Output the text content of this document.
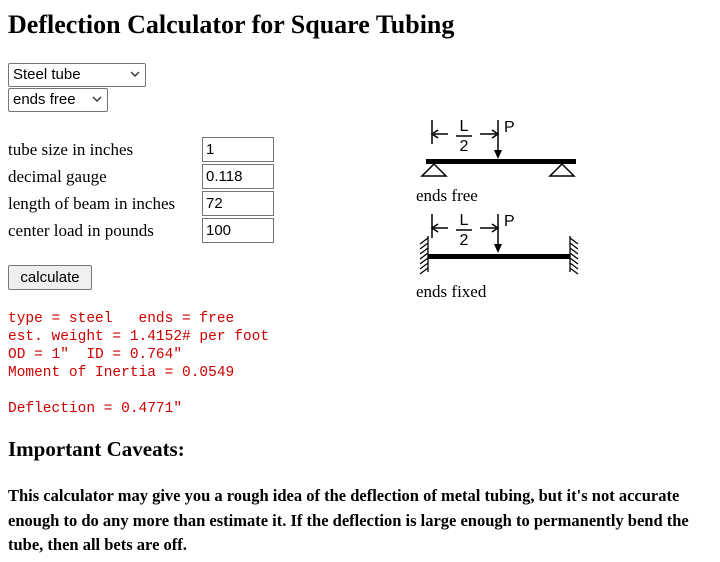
Deflection Calculator for Square Tubing
Steel tube
ends free
tube size in inches	1
decimal gauge	0.118
length of beam in inches 72
center load in pounds	100
calculate
type = steel   ends = free
est. weight = 1.4152# per foot
OD = 1"  ID = 0.764"
Moment of Inertia = 0.0549
Deflection = 0.4771"
L
2
P
ends free
L
2
P
ends fixed
Important Caveats:

This calculator may give you a rough idea of the deflection of metal tubing, but it's not accurate enough to do any more than estimate it. If the deflection is large enough to permanently bend the tube, then all bets are off.
